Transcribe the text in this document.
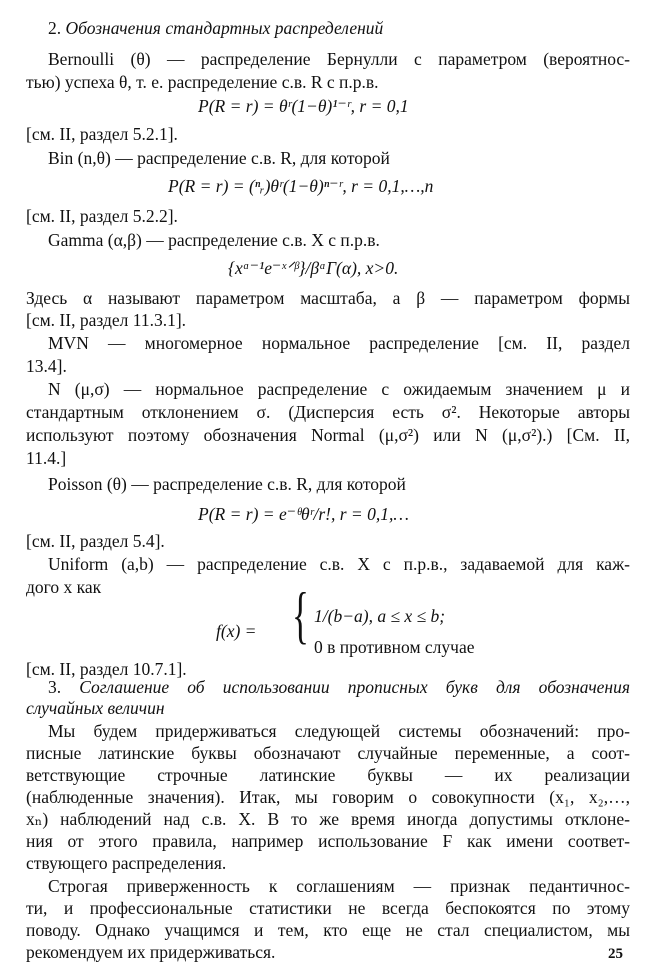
2. Обозначения стандартных распределений
Bernoulli (θ) — распределение Бернулли с параметром (вероятнос-
тью) успеха θ, т. е. распределение с.в. R с п.р.в.
P(R = r) = θʳ(1−θ)¹⁻ʳ, r = 0,1
[см. II, раздел 5.2.1].
Bin (n,θ) — распределение с.в. R, для которой
P(R = r) = (ⁿᵣ)θʳ(1−θ)ⁿ⁻ʳ, r = 0,1,…,n
[см. II, раздел 5.2.2].
Gamma (α,β) — распределение с.в. X с п.р.в.
{xᵅ⁻¹e⁻ˣᐟᵝ}/βᵅΓ(α), x>0.
Здесь α называют параметром масштаба, а β — параметром формы
[см. II, раздел 11.3.1].
MVN — многомерное нормальное распределение [см. II, раздел
13.4].
N (μ,σ) — нормальное распределение с ожидаемым значением μ и
стандартным отклонением σ. (Дисперсия есть σ². Некоторые авторы
используют поэтому обозначения Normal (μ,σ²) или N (μ,σ²).) [См. II,
11.4.]
Poisson (θ) — распределение с.в. R, для которой
P(R = r) = e⁻ᶿθʳ/r!, r = 0,1,…
[см. II, раздел 5.4].
Uniform (a,b) — распределение с.в. X с п.р.в., задаваемой для каж-
дого x как
f(x) = { 1/(b−a), a ≤ x ≤ b;
0 в противном случае
[см. II, раздел 10.7.1].
3. Соглашение об использовании прописных букв для обозначения
случайных величин
Мы будем придерживаться следующей системы обозначений: про-
писные латинские буквы обозначают случайные переменные, а соот-
ветствующие строчные латинские буквы — их реализации
(наблюденные значения). Итак, мы говорим о совокупности (x₁, x₂,…,
xₙ) наблюдений над с.в. X. В то же время иногда допустимы отклоне-
ния от этого правила, например использование F как имени соответ-
ствующего распределения.
Строгая приверженность к соглашениям — признак педантичнос-
ти, и профессиональные статистики не всегда беспокоятся по этому
поводу. Однако учащимся и тем, кто еще не стал специалистом, мы
25
рекомендуем их придерживаться.
